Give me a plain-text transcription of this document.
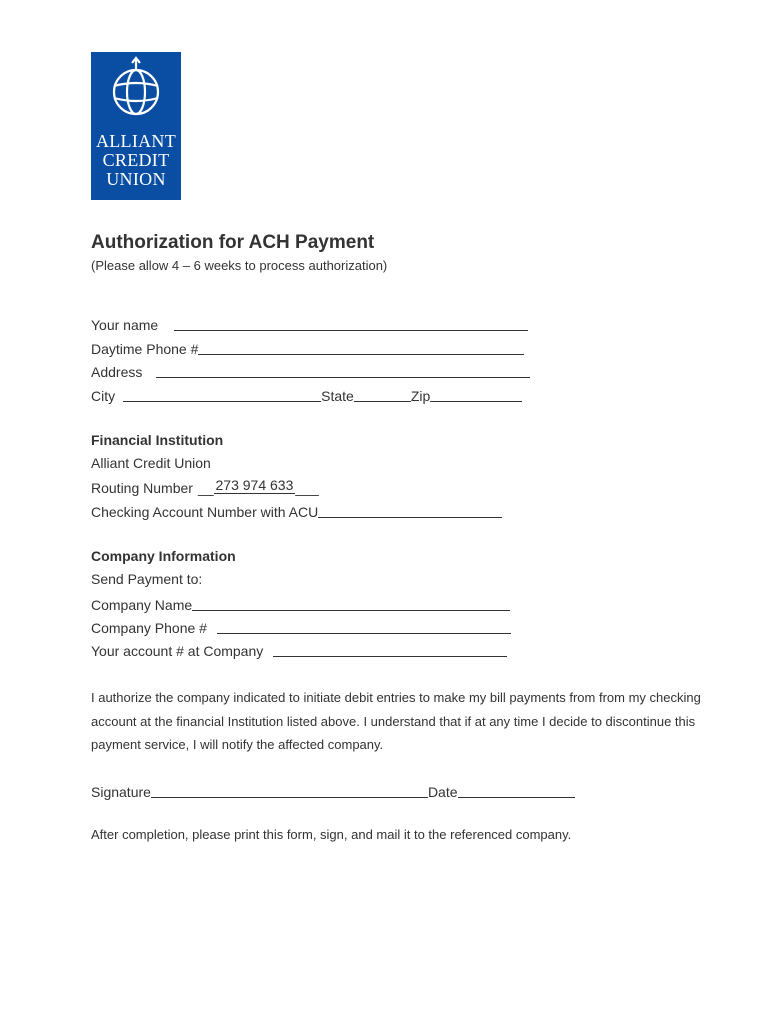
ALLIANT
CREDIT
UNION
Authorization for ACH Payment
(Please allow 4 – 6 weeks to process authorization)
Your name
Daytime Phone #
Address
City	State	Zip
Financial Institution
Alliant Credit Union
Routing Number __ 273 974 633 ___
Checking Account Number with ACU
Company Information
Send Payment to:
Company Name
Company Phone #
Your account # at Company
I authorize the company indicated to initiate debit entries to make my bill payments from from my checking account at the financial Institution listed above. I understand that if at any time I decide to discontinue this payment service, I will notify the affected company.
Signature	Date
After completion, please print this form, sign, and mail it to the referenced company.
